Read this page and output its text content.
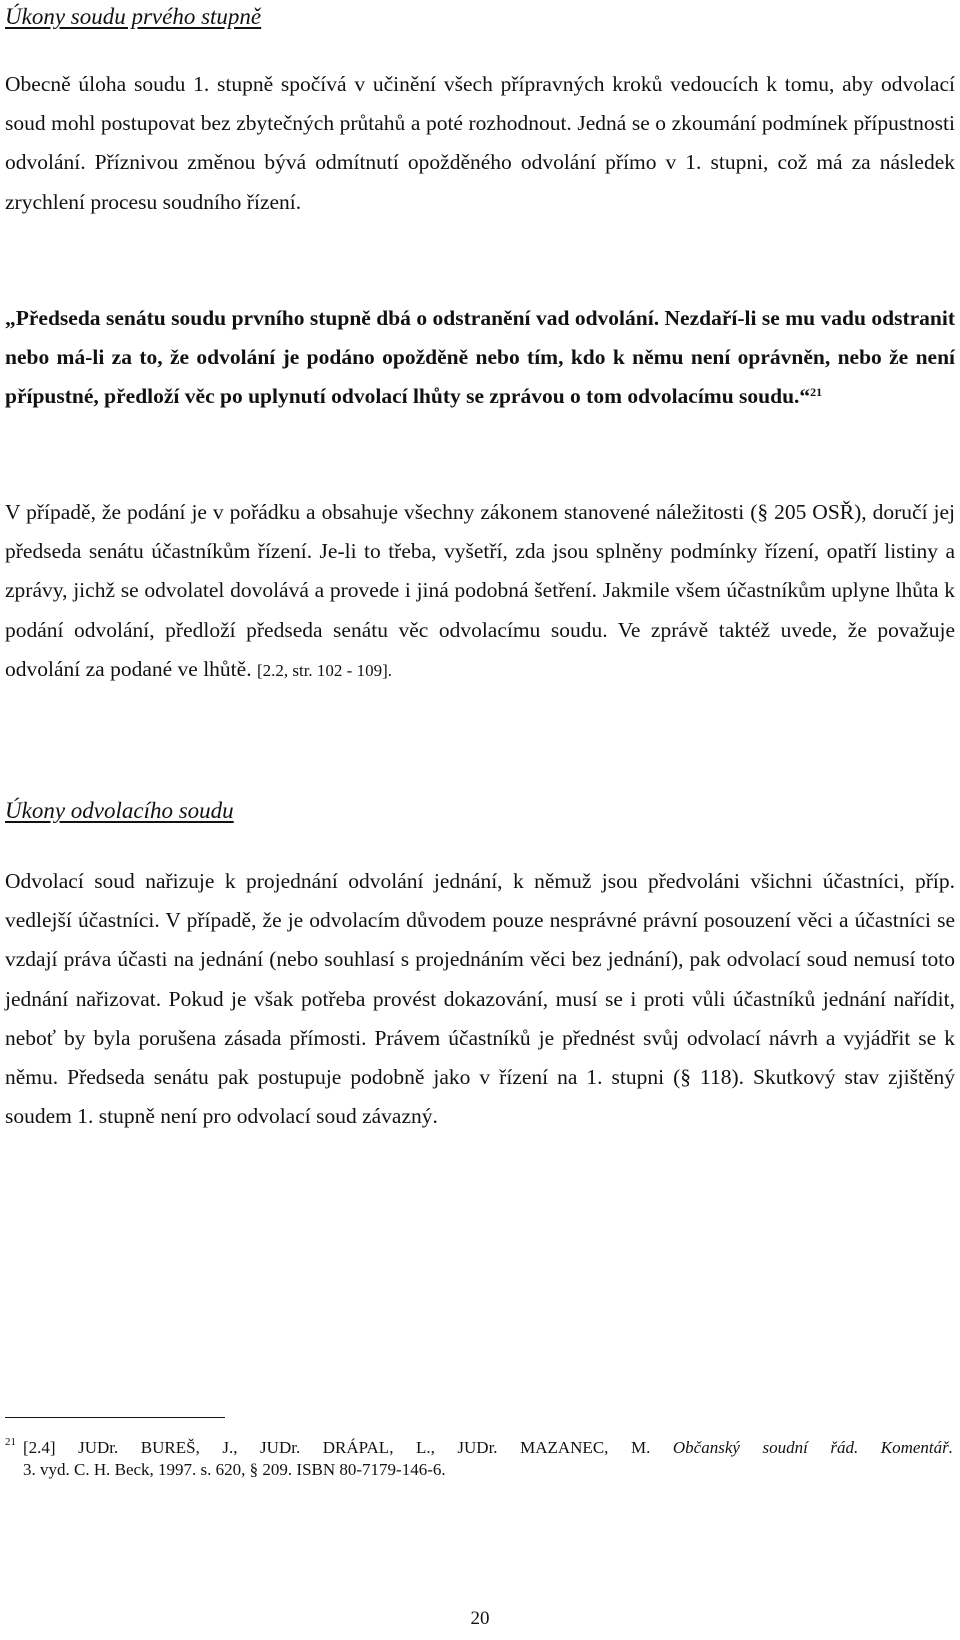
Úkony soudu prvého stupně

Obecně úloha soudu 1. stupně spočívá v učinění všech přípravných kroků vedoucích k tomu, aby odvolací soud mohl postupovat bez zbytečných průtahů a poté rozhodnout. Jedná se o zkoumání podmínek přípustnosti odvolání. Příznivou změnou bývá odmítnutí opožděného odvolání přímo v 1. stupni, což má za následek zrychlení procesu soudního řízení.

„Předseda senátu soudu prvního stupně dbá o odstranění vad odvolání. Nezdaří-li se mu vadu odstranit nebo má-li za to, že odvolání je podáno opožděně nebo tím, kdo k němu není oprávněn, nebo že není přípustné, předloží věc po uplynutí odvolací lhůty se zprávou o tom odvolacímu soudu.“$^{21}$

V případě, že podání je v pořádku a obsahuje všechny zákonem stanovené náležitosti (§ 205 OSŘ), doručí jej předseda senátu účastníkům řízení. Je-li to třeba, vyšetří, zda jsou splněny podmínky řízení, opatří listiny a zprávy, jichž se odvolatel dovolává a provede i jiná podobná šetření. Jakmile všem účastníkům uplyne lhůta k podání odvolání, předloží předseda senátu věc odvolacímu soudu. Ve zprávě taktéž uvede, že považuje odvolání za podané ve lhůtě. [2.2, str. 102 - 109].

Úkony odvolacího soudu

Odvolací soud nařizuje k projednání odvolání jednání, k němuž jsou předvoláni všichni účastníci, příp. vedlejší účastníci. V případě, že je odvolacím důvodem pouze nesprávné právní posouzení věci a účastníci se vzdají práva účasti na jednání (nebo souhlasí s projednáním věci bez jednání), pak odvolací soud nemusí toto jednání nařizovat. Pokud je však potřeba provést dokazování, musí se i proti vůli účastníků jednání nařídit, neboť by byla porušena zásada přímosti. Právem účastníků je přednést svůj odvolací návrh a vyjádřit se k němu. Předseda senátu pak postupuje podobně jako v řízení na 1. stupni (§ 118). Skutkový stav zjištěný soudem 1. stupně není pro odvolací soud závazný.

21 [2.4] JUDr. BUREŠ, J., JUDr. DRÁPAL, L., JUDr. MAZANEC, M. Občanský soudní řád. Komentář.
3. vyd. C. H. Beck, 1997. s. 620, § 209. ISBN 80-7179-146-6.
20
